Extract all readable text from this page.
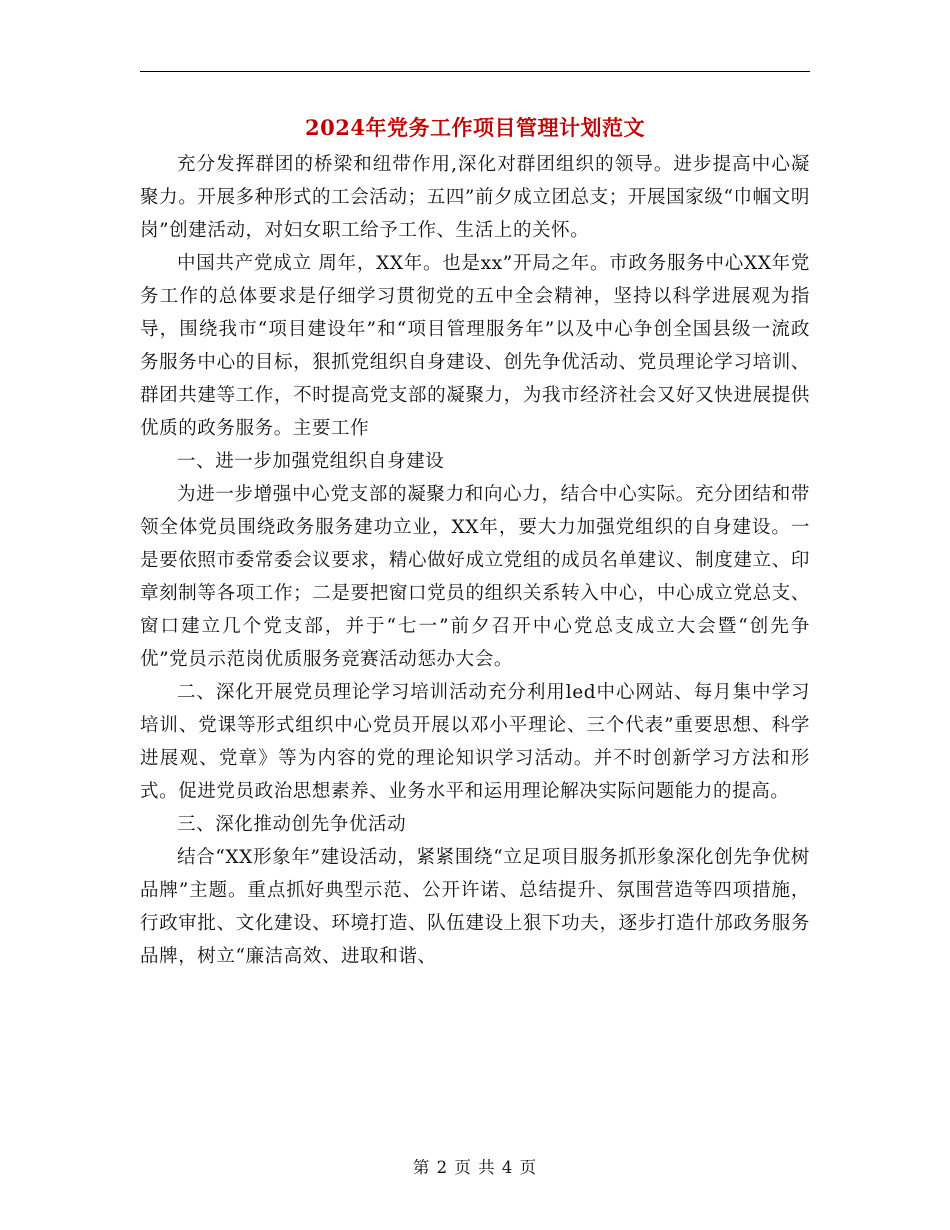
2024年党务工作项目管理计划范文

充分发挥群团的桥梁和纽带作用,深化对群团组织的领导。进步提高中心凝聚力。开展多种形式的工会活动；五四”前夕成立团总支；开展国家级“巾帼文明岗”创建活动，对妇女职工给予工作、生活上的关怀。

中国共产党成立 周年，XX年。也是xx”开局之年。市政务服务中心XX年党务工作的总体要求是仔细学习贯彻党的五中全会精神，坚持以科学进展观为指导，围绕我市“项目建设年”和“项目管理服务年”以及中心争创全国县级一流政务服务中心的目标，狠抓党组织自身建设、创先争优活动、党员理论学习培训、群团共建等工作，不时提高党支部的凝聚力，为我市经济社会又好又快进展提供优质的政务服务。主要工作

一、进一步加强党组织自身建设

为进一步增强中心党支部的凝聚力和向心力，结合中心实际。充分团结和带领全体党员围绕政务服务建功立业，XX年，要大力加强党组织的自身建设。一是要依照市委常委会议要求，精心做好成立党组的成员名单建议、制度建立、印章刻制等各项工作；二是要把窗口党员的组织关系转入中心，中心成立党总支、窗口建立几个党支部，并于“七一”前夕召开中心党总支成立大会暨“创先争优”党员示范岗优质服务竞赛活动惩办大会。

二、深化开展党员理论学习培训活动充分利用led中心网站、每月集中学习培训、党课等形式组织中心党员开展以邓小平理论、三个代表”重要思想、科学进展观、党章》等为内容的党的理论知识学习活动。并不时创新学习方法和形式。促进党员政治思想素养、业务水平和运用理论解决实际问题能力的提高。

三、深化推动创先争优活动

结合“XX形象年”建设活动，紧紧围绕“立足项目服务抓形象深化创先争优树品牌”主题。重点抓好典型示范、公开许诺、总结提升、氛围营造等四项措施，行政审批、文化建设、环境打造、队伍建设上狠下功夫，逐步打造什邡政务服务品牌，树立“廉洁高效、进取和谐、

第 2 页 共 4 页
